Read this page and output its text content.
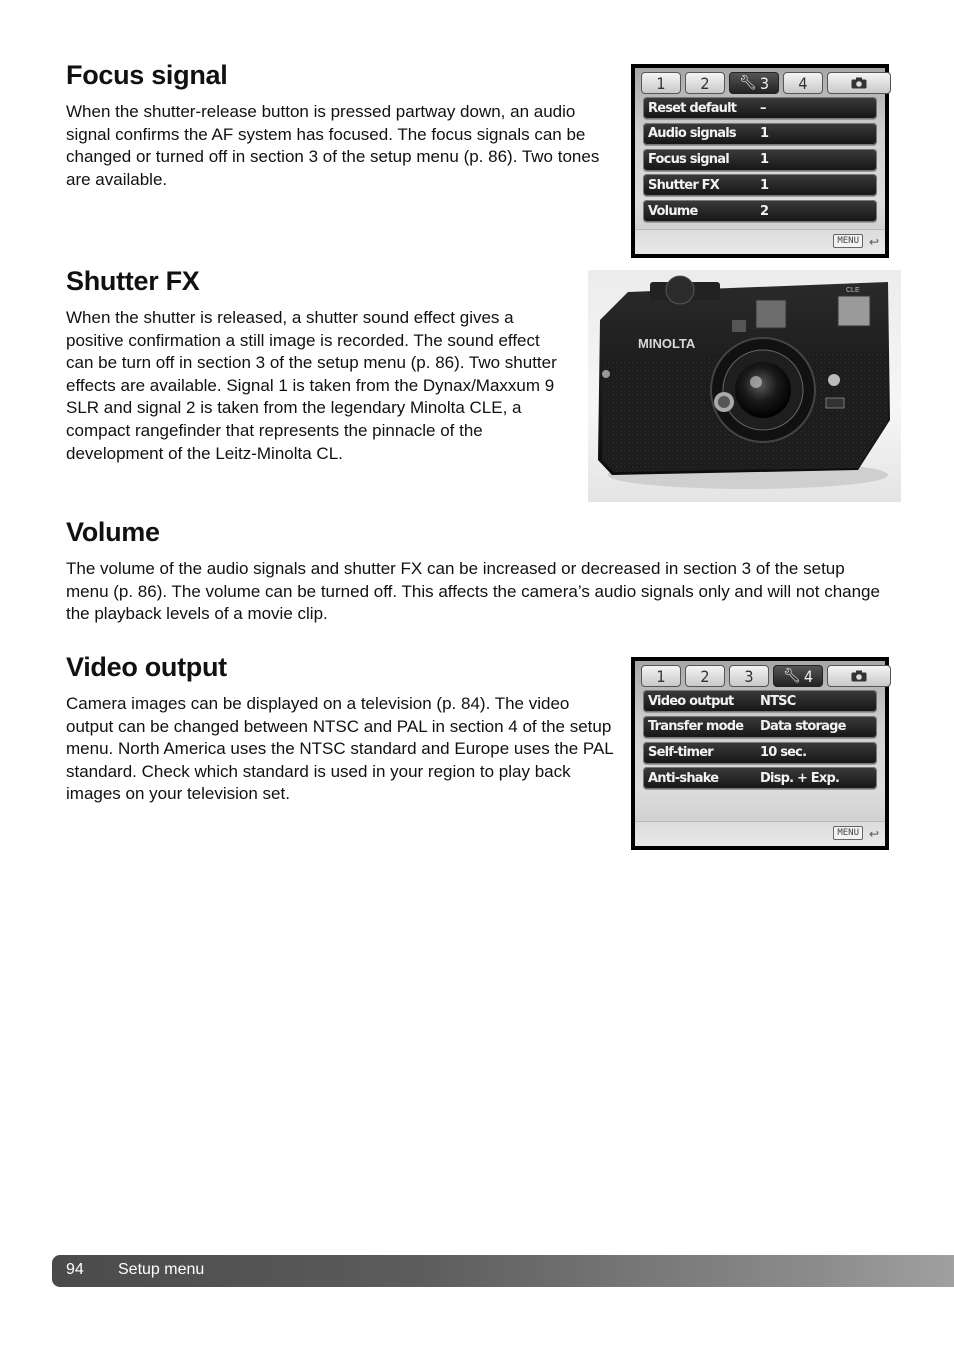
Focus signal

When the shutter-release button is pressed partway down, an audio signal confirms the AF system has focused. The focus signals can be changed or turned off in section 3 of the setup menu (p. 86). Two tones are available.

1	2	🔧︎ 3	4
Reset default	–
Audio signals	1
Focus signal	1
Shutter FX	1
Volume	2
MENU ↩
Shutter FX

When the shutter is released, a shutter sound effect gives a positive confirmation a still image is recorded. The sound effect can be turn off in section 3 of the setup menu (p. 86). Two shutter effects are available. Signal 1 is taken from the Dynax/Maxxum 9 SLR and signal 2 is taken from the legendary Minolta CLE, a compact rangefinder that represents the pinnacle of the development of the Leitz-Minolta CL.

MINOLTA
CLE
Volume

The volume of the audio signals and shutter FX can be increased or decreased in section 3 of the setup menu (p. 86). The volume can be turned off. This affects the camera’s audio signals only and will not change the playback levels of a movie clip.

Video output

Camera images can be displayed on a television (p. 84). The video output can be changed between NTSC and PAL in section 4 of the setup menu. North America uses the NTSC standard and Europe uses the PAL standard. Check which standard is used in your region to play back images on your television set.

1	2	3	🔧︎ 4
Video output	NTSC
Transfer mode	Data storage
Self-timer	10 sec.
Anti-shake	Disp. + Exp.
MENU ↩
94 Setup menu
